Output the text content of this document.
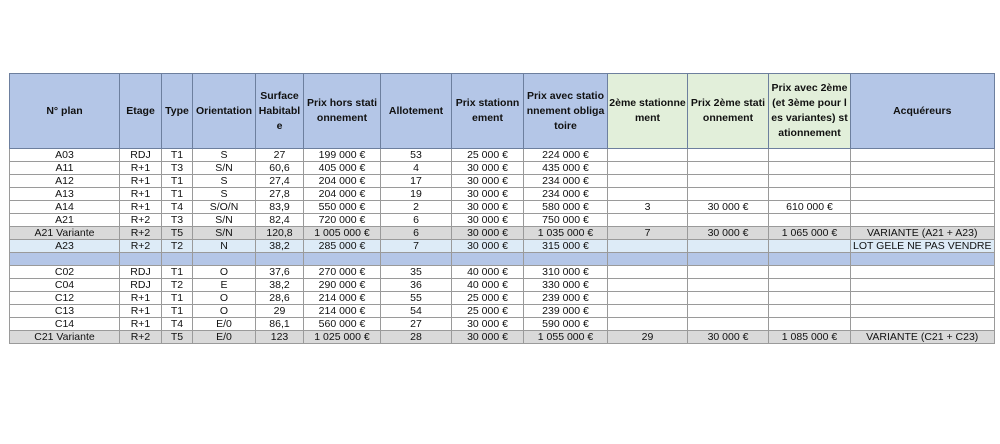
N° plan	Etage	Type	Orientation	Surface Habitable	Prix hors stationnement	Allotement	Prix stationnement	Prix avec stationnement obligatoire	2ème stationnement	Prix 2ème stationnement	Prix avec 2ème (et 3ème pour les variantes) stationnement	Acquéreurs

A03	RDJ	T1	S	27	199 000 €	53	25 000 €	224 000 €				
A11	R+1	T3	S/N	60,6	405 000 €	4	30 000 €	435 000 €				
A12	R+1	T1	S	27,4	204 000 €	17	30 000 €	234 000 €				
A13	R+1	T1	S	27,8	204 000 €	19	30 000 €	234 000 €				
A14	R+1	T4	S/O/N	83,9	550 000 €	2	30 000 €	580 000 €	3	30 000 €	610 000 €	
A21	R+2	T3	S/N	82,4	720 000 €	6	30 000 €	750 000 €				
A21 Variante	R+2	T5	S/N	120,8	1 005 000 €	6	30 000 €	1 035 000 €	7	30 000 €	1 065 000 €	VARIANTE (A21 + A23)
A23	R+2	T2	N	38,2	285 000 €	7	30 000 €	315 000 €				LOT GELE NE PAS VENDRE

C02	RDJ	T1	O	37,6	270 000 €	35	40 000 €	310 000 €				
C04	RDJ	T2	E	38,2	290 000 €	36	40 000 €	330 000 €				
C12	R+1	T1	O	28,6	214 000 €	55	25 000 €	239 000 €				
C13	R+1	T1	O	29	214 000 €	54	25 000 €	239 000 €				
C14	R+1	T4	E/0	86,1	560 000 €	27	30 000 €	590 000 €				
C21 Variante	R+2	T5	E/0	123	1 025 000 €	28	30 000 €	1 055 000 €	29	30 000 €	1 085 000 €	VARIANTE (C21 + C23)
